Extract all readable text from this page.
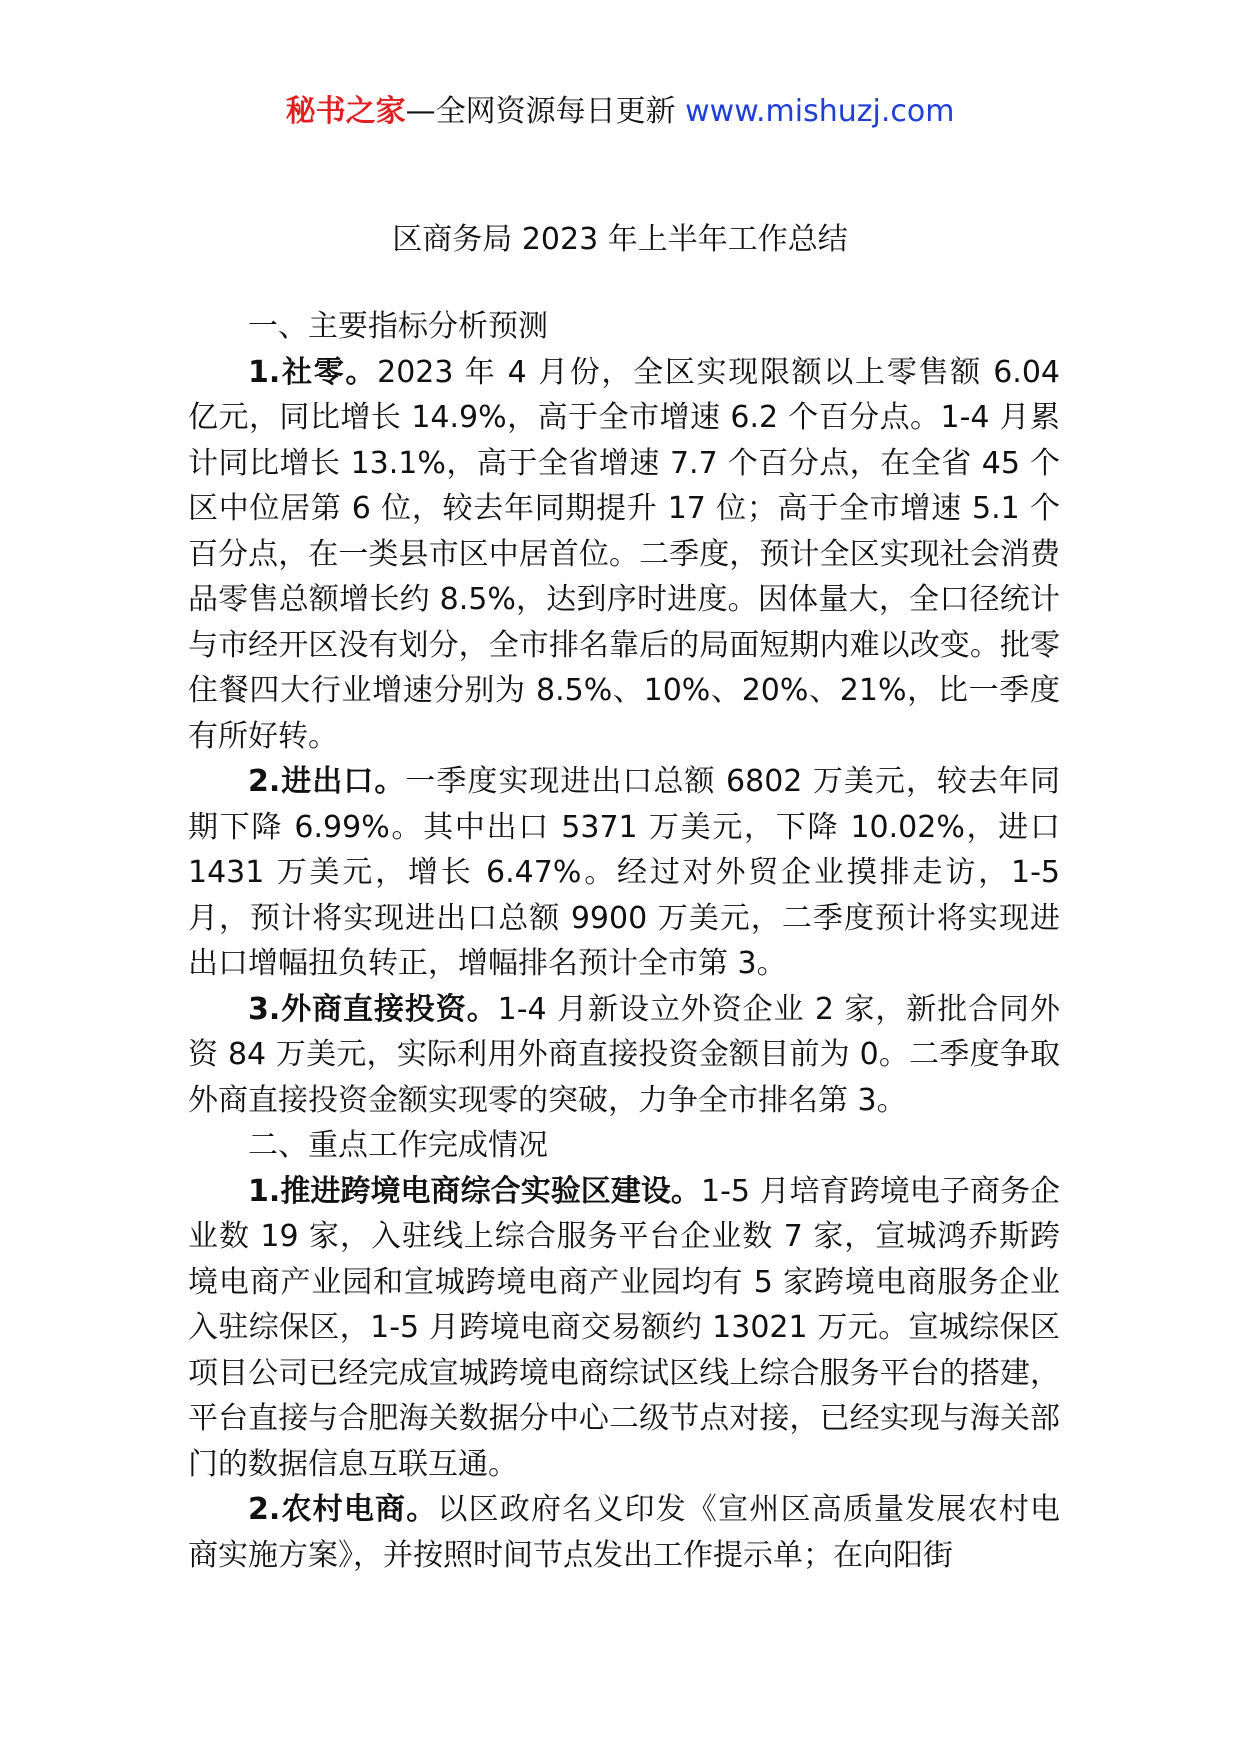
秘书之家—全网资源每日更新 www.mishuzj.com
区商务局 2023 年上半年工作总结

一、主要指标分析预测

1.社零。2023 年 4 月份，全区实现限额以上零售额 6.04 亿元，同比增长 14.9%，高于全市增速 6.2 个百分点。1-4 月累计同比增长 13.1%，高于全省增速 7.7 个百分点，在全省 45 个区中位居第 6 位，较去年同期提升 17 位；高于全市增速 5.1 个百分点，在一类县市区中居首位。二季度，预计全区实现社会消费品零售总额增长约 8.5%，达到序时进度。因体量大，全口径统计与市经开区没有划分，全市排名靠后的局面短期内难以改变。批零住餐四大行业增速分别为 8.5%、10%、20%、21%，比一季度有所好转。

2.进出口。一季度实现进出口总额 6802 万美元，较去年同期下降 6.99%。其中出口 5371 万美元，下降 10.02%，进口 1431 万美元，增长 6.47%。经过对外贸企业摸排走访，1-5 月，预计将实现进出口总额 9900 万美元，二季度预计将实现进出口增幅扭负转正，增幅排名预计全市第 3。

3.外商直接投资。1-4 月新设立外资企业 2 家，新批合同外资 84 万美元，实际利用外商直接投资金额目前为 0。二季度争取外商直接投资金额实现零的突破，力争全市排名第 3。

二、重点工作完成情况

1.推进跨境电商综合实验区建设。1-5 月培育跨境电子商务企业数 19 家，入驻线上综合服务平台企业数 7 家，宣城鸿乔斯跨境电商产业园和宣城跨境电商产业园均有 5 家跨境电商服务企业入驻综保区，1-5 月跨境电商交易额约 13021 万元。宣城综保区项目公司已经完成宣城跨境电商综试区线上综合服务平台的搭建，平台直接与合肥海关数据分中心二级节点对接，已经实现与海关部门的数据信息互联互通。

2.农村电商。以区政府名义印发《宣州区高质量发展农村电商实施方案》，并按照时间节点发出工作提示单；在向阳街
